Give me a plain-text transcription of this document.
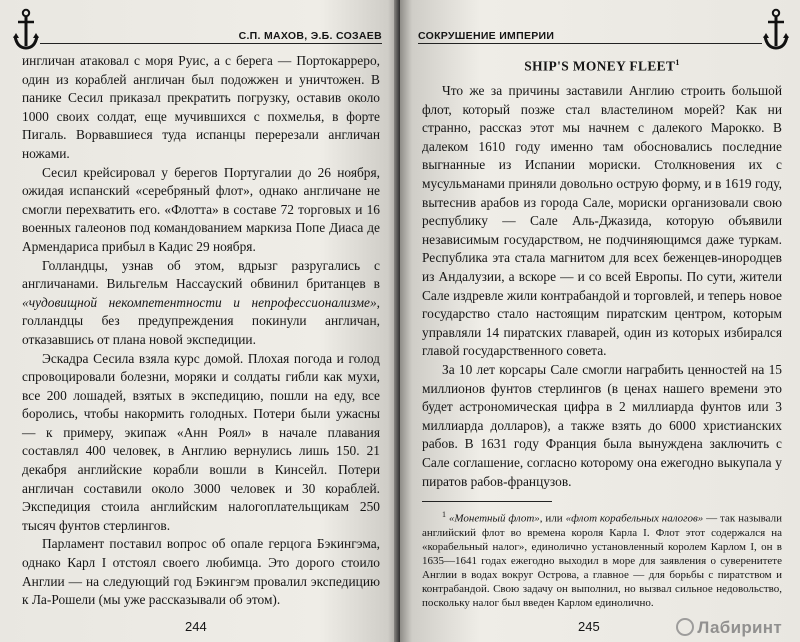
С.П. МАХОВ, Э.Б. СОЗАЕВ

ингличан атаковал с моря Руис, а с берега — Портокарреро, один из кораблей англичан был подожжен и уничтожен. В панике Сесил приказал прекратить погрузку, оставив около 1000 своих солдат, еще мучившихся с похмелья, в форте Пигаль. Ворвавшиеся туда испанцы перерезали англичан ножами.

Сесил крейсировал у берегов Португалии до 26 ноября, ожидая испанский «серебряный флот», однако англичане не смогли перехватить его. «Флотта» в составе 72 торговых и 16 военных галеонов под командованием маркиза Попе Диаса де Армендариса прибыл в Кадис 29 ноября.

Голландцы, узнав об этом, вдрызг разругались с англичанами. Вильгельм Нассауский обвинил британцев в «чудовищной некомпетентности и непрофессионализме», голландцы без предупреждения покинули англичан, отказавшись от плана новой экспедиции.

Эскадра Сесила взяла курс домой. Плохая погода и голод спровоцировали болезни, моряки и солдаты гибли как мухи, все 200 лошадей, взятых в экспедицию, пошли на еду, все боролись, чтобы накормить голодных. Потери были ужасны — к примеру, экипаж «Анн Роял» в начале плавания составлял 400 человек, в Англию вернулись лишь 150. 21 декабря английские корабли вошли в Кинсейл. Потери англичан составили около 3000 человек и 30 кораблей. Экспедиция стоила английским налогоплательщикам 250 тысяч фунтов стерлингов.

Парламент поставил вопрос об опале герцога Бэкингэма, однако Карл I отстоял своего любимца. Это дорого стоило Англии — на следующий год Бэкингэм провалил экспедицию к Ла-Рошели (мы уже рассказывали об этом).

244
СОКРУШЕНИЕ ИМПЕРИИ
SHIP'S MONEY FLEET$^1$

Что же за причины заставили Англию строить большой флот, который позже стал властелином морей? Как ни странно, рассказ этот мы начнем с далекого Марокко. В далеком 1610 году именно там обосновались последние выгнанные из Испании мориски. Столкновения их с мусульманами приняли довольно острую форму, и в 1619 году, вытеснив арабов из города Сале, мориски организовали свою республику — Сале Аль-Джазида, которую объявили независимым государством, не подчиняющимся даже туркам. Республика эта стала магнитом для всех беженцев-инородцев из Андалузии, а вскоре — и со всей Европы. По сути, жители Сале издревле жили контрабандой и торговлей, и теперь новое государство стало настоящим пиратским центром, которым управляли 14 пиратских главарей, один из которых избирался главой государственного совета.

За 10 лет корсары Сале смогли награбить ценностей на 15 миллионов фунтов стерлингов (в ценах нашего времени это будет астрономическая цифра в 2 миллиарда фунтов или 3 миллиарда долларов), а также взять до 6000 христианских рабов. В 1631 году Франция была вынуждена заключить с Сале соглашение, согласно которому она ежегодно выкупала у пиратов рабов-французов.

$^1$ «Монетный флот», или «флот корабельных налогов» — так называли английский флот во времена короля Карла I. Флот этот содержался на «корабельный налог», единолично установленный королем Карлом I, он в 1635—1641 годах ежегодно выходил в море для заявления о суверенитете Англии в водах вокруг Острова, а главное — для борьбы с пиратством и контрабандой. Свою задачу он выполнил, но вызвал сильное недовольство, поскольку налог был введен Карлом единолично.

245	Лабиринт
